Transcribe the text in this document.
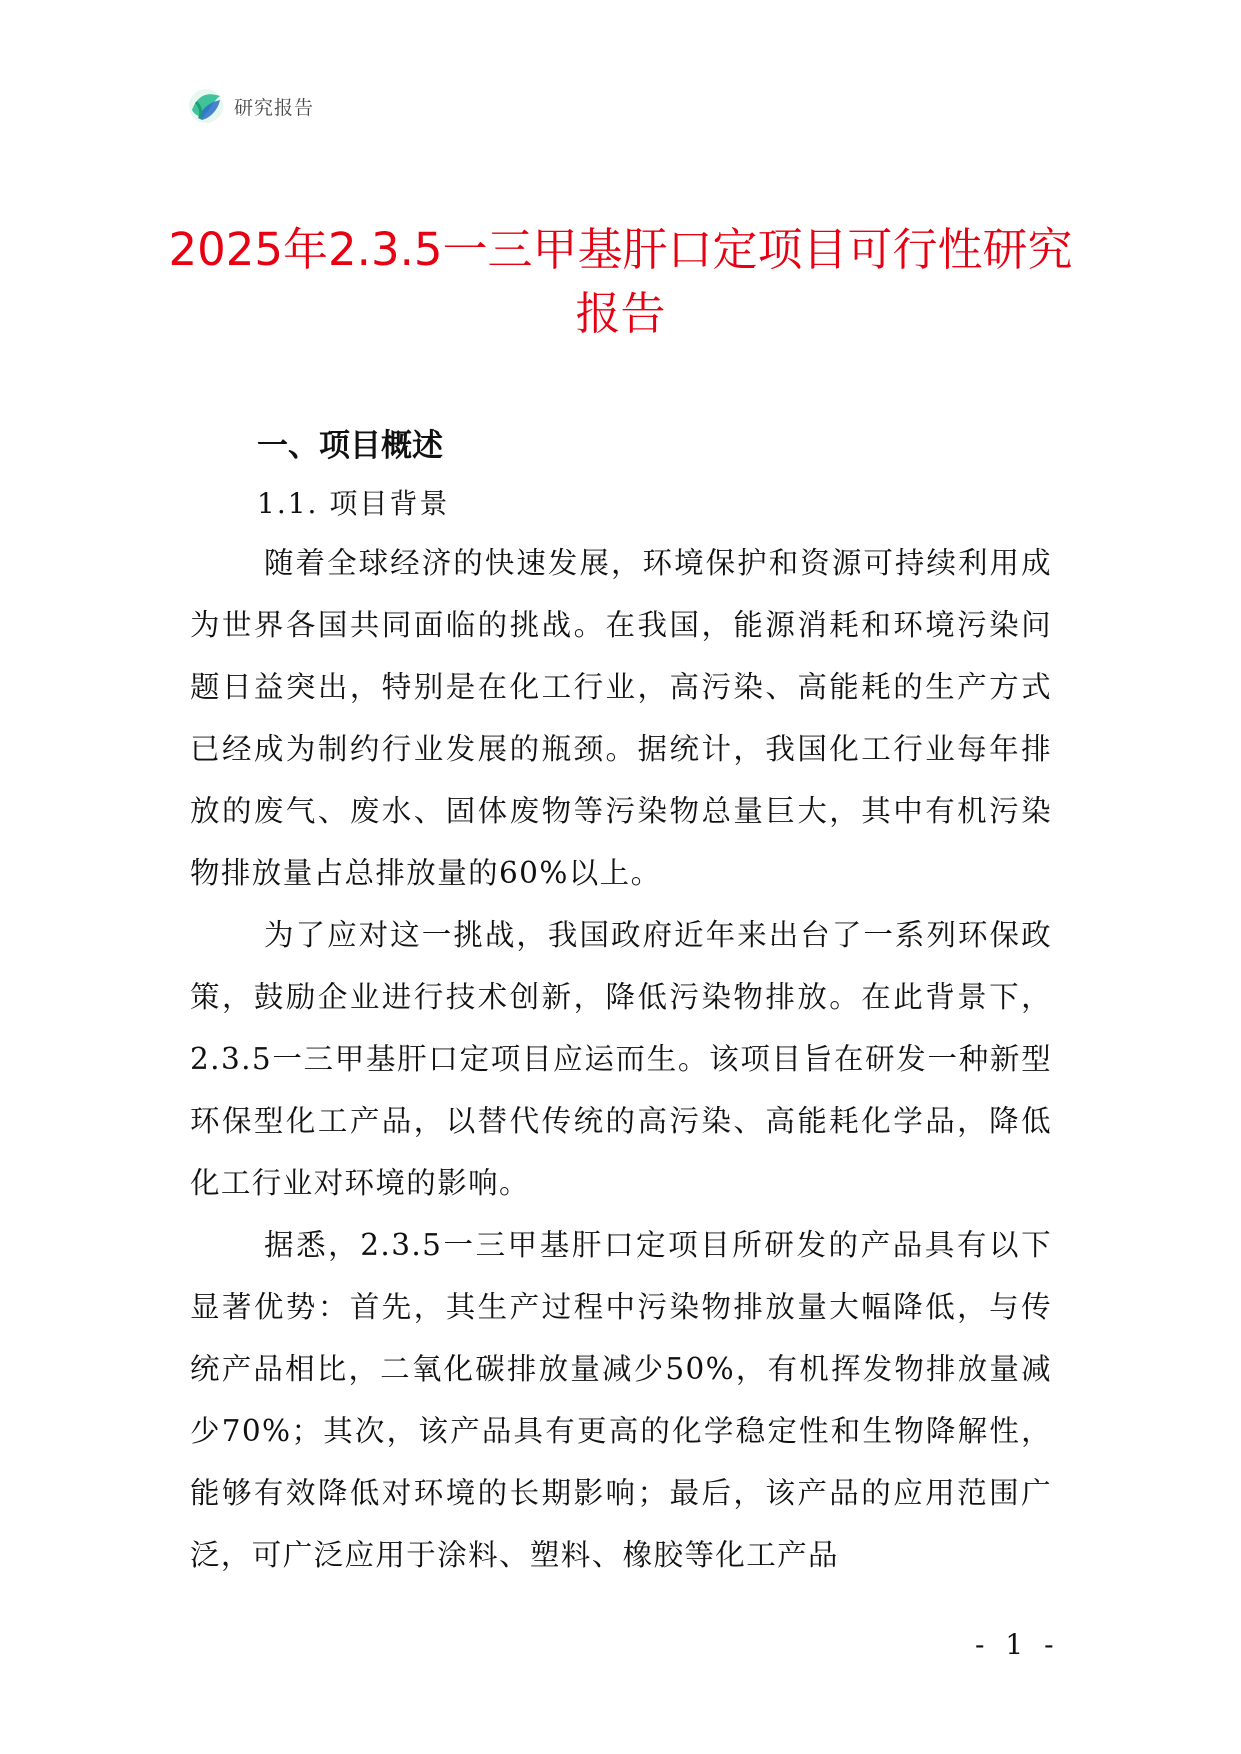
研究报告
2025年2.3.5一三甲基肝口定项目可行性研究报告
一、项目概述
1.1. 项目背景

随着全球经济的快速发展，环境保护和资源可持续利用成为世界各国共同面临的挑战。在我国，能源消耗和环境污染问题日益突出，特别是在化工行业，高污染、高能耗的生产方式已经成为制约行业发展的瓶颈。据统计，我国化工行业每年排放的废气、废水、固体废物等污染物总量巨大，其中有机污染物排放量占总排放量的60%以上。

为了应对这一挑战，我国政府近年来出台了一系列环保政策，鼓励企业进行技术创新，降低污染物排放。在此背景下，2.3.5一三甲基肝口定项目应运而生。该项目旨在研发一种新型环保型化工产品，以替代传统的高污染、高能耗化学品，降低化工行业对环境的影响。

据悉，2.3.5一三甲基肝口定项目所研发的产品具有以下显著优势：首先，其生产过程中污染物排放量大幅降低，与传统产品相比，二氧化碳排放量减少50%，有机挥发物排放量减少70%；其次，该产品具有更高的化学稳定性和生物降解性，能够有效降低对环境的长期影响；最后，该产品的应用范围广泛，可广泛应用于涂料、塑料、橡胶等化工产品

- 1 -
